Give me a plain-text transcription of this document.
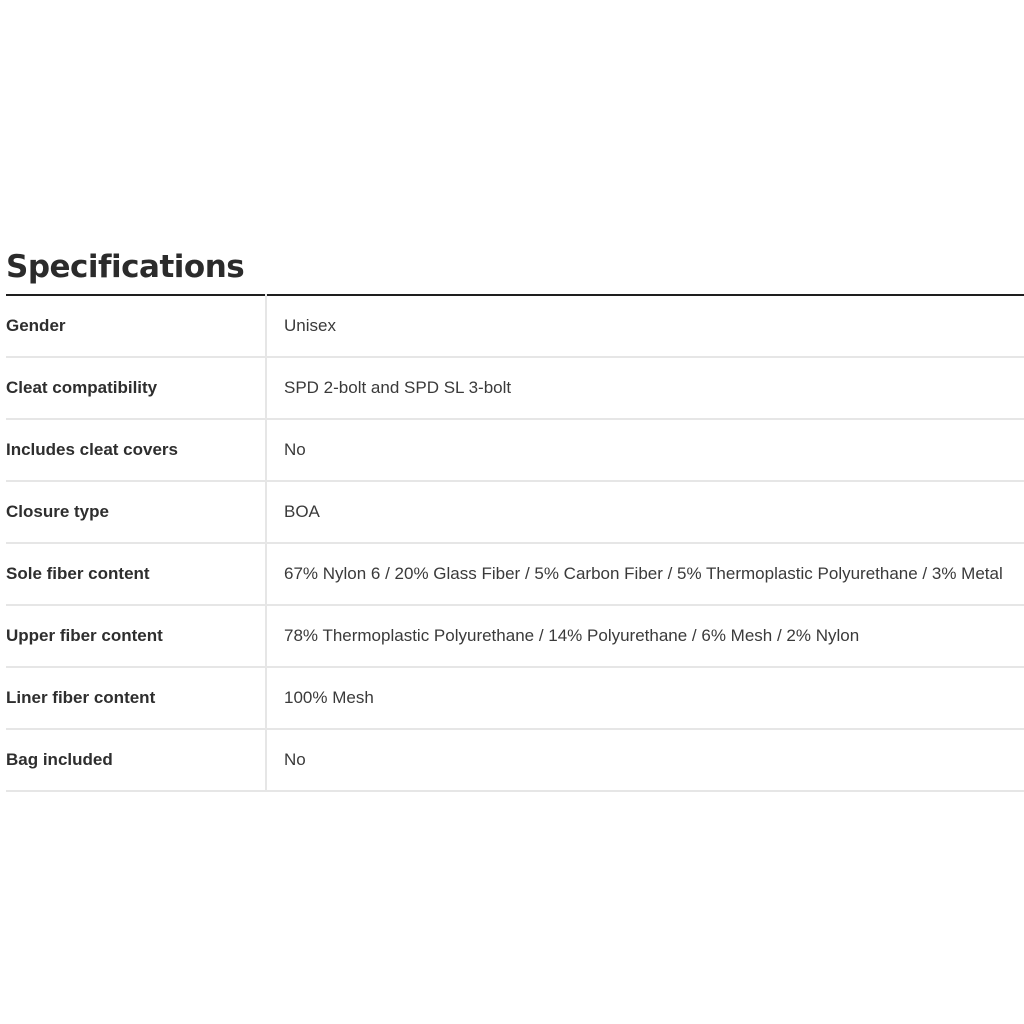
Specifications
Gender	Unisex
Cleat compatibility	SPD 2-bolt and SPD SL 3-bolt
Includes cleat covers	No
Closure type	BOA
Sole fiber content	67% Nylon 6 / 20% Glass Fiber / 5% Carbon Fiber / 5% Thermoplastic Polyurethane / 3% Metal
Upper fiber content	78% Thermoplastic Polyurethane / 14% Polyurethane / 6% Mesh / 2% Nylon
Liner fiber content	100% Mesh
Bag included	No
